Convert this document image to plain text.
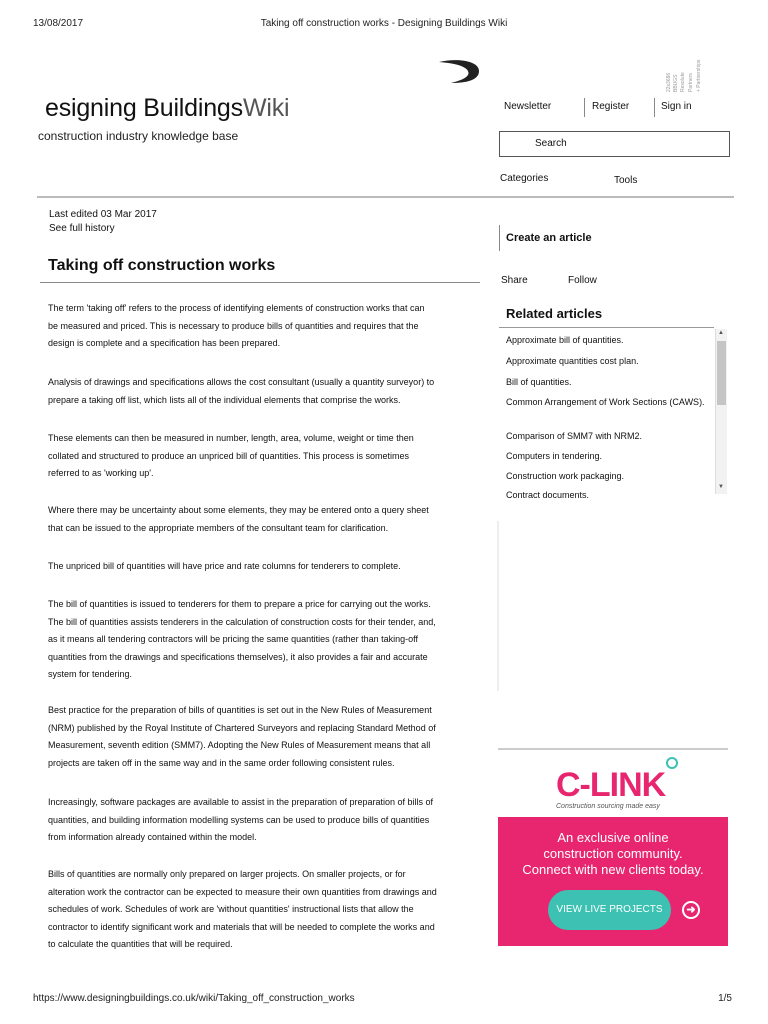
13/08/2017	Taking off construction works - Designing Buildings Wiki
22s3686 BBUGS Resolute Partners + Partnerships
esigning BuildingsWiki
construction industry knowledge base
Newsletter	Register	Sign in
Search
Categories	Tools
Last edited 03 Mar 2017
See full history
Create an article
Share	Follow
Taking off construction works
Related articles
Approximate bill of quantities.
Approximate quantities cost plan.
Bill of quantities.
Common Arrangement of Work Sections (CAWS).
Comparison of SMM7 with NRM2.
Computers in tendering.
Construction work packaging.
Contract documents.
▲
▼
C-LINK
Construction sourcing made easy
An exclusive online
construction community.
Connect with new clients today.
VIEW LIVE PROJECTS	➜
The term 'taking off' refers to the process of identifying elements of construction works that can
be measured and priced. This is necessary to produce bills of quantities and requires that the
design is complete and a specification has been prepared.
Analysis of drawings and specifications allows the cost consultant (usually a quantity surveyor) to
prepare a taking off list, which lists all of the individual elements that comprise the works.
These elements can then be measured in number, length, area, volume, weight or time then
collated and structured to produce an unpriced bill of quantities. This process is sometimes
referred to as 'working up'.
Where there may be uncertainty about some elements, they may be entered onto a query sheet
that can be issued to the appropriate members of the consultant team for clarification.
The unpriced bill of quantities will have price and rate columns for tenderers to complete.
The bill of quantities is issued to tenderers for them to prepare a price for carrying out the works.
The bill of quantities assists tenderers in the calculation of construction costs for their tender, and,
as it means all tendering contractors will be pricing the same quantities (rather than taking-off
quantities from the drawings and specifications themselves), it also provides a fair and accurate
system for tendering.
Best practice for the preparation of bills of quantities is set out in the New Rules of Measurement
(NRM) published by the Royal Institute of Chartered Surveyors and replacing Standard Method of
Measurement, seventh edition (SMM7). Adopting the New Rules of Measurement means that all
projects are taken off in the same way and in the same order following consistent rules.
Increasingly, software packages are available to assist in the preparation of preparation of bills of
quantities, and building information modelling systems can be used to produce bills of quantities
from information already contained within the model.
Bills of quantities are normally only prepared on larger projects. On smaller projects, or for
alteration work the contractor can be expected to measure their own quantities from drawings and
schedules of work. Schedules of work are 'without quantities' instructional lists that allow the
contractor to identify significant work and materials that will be needed to complete the works and
to calculate the quantities that will be required.
https://www.designingbuildings.co.uk/wiki/Taking_off_construction_works	1/5
